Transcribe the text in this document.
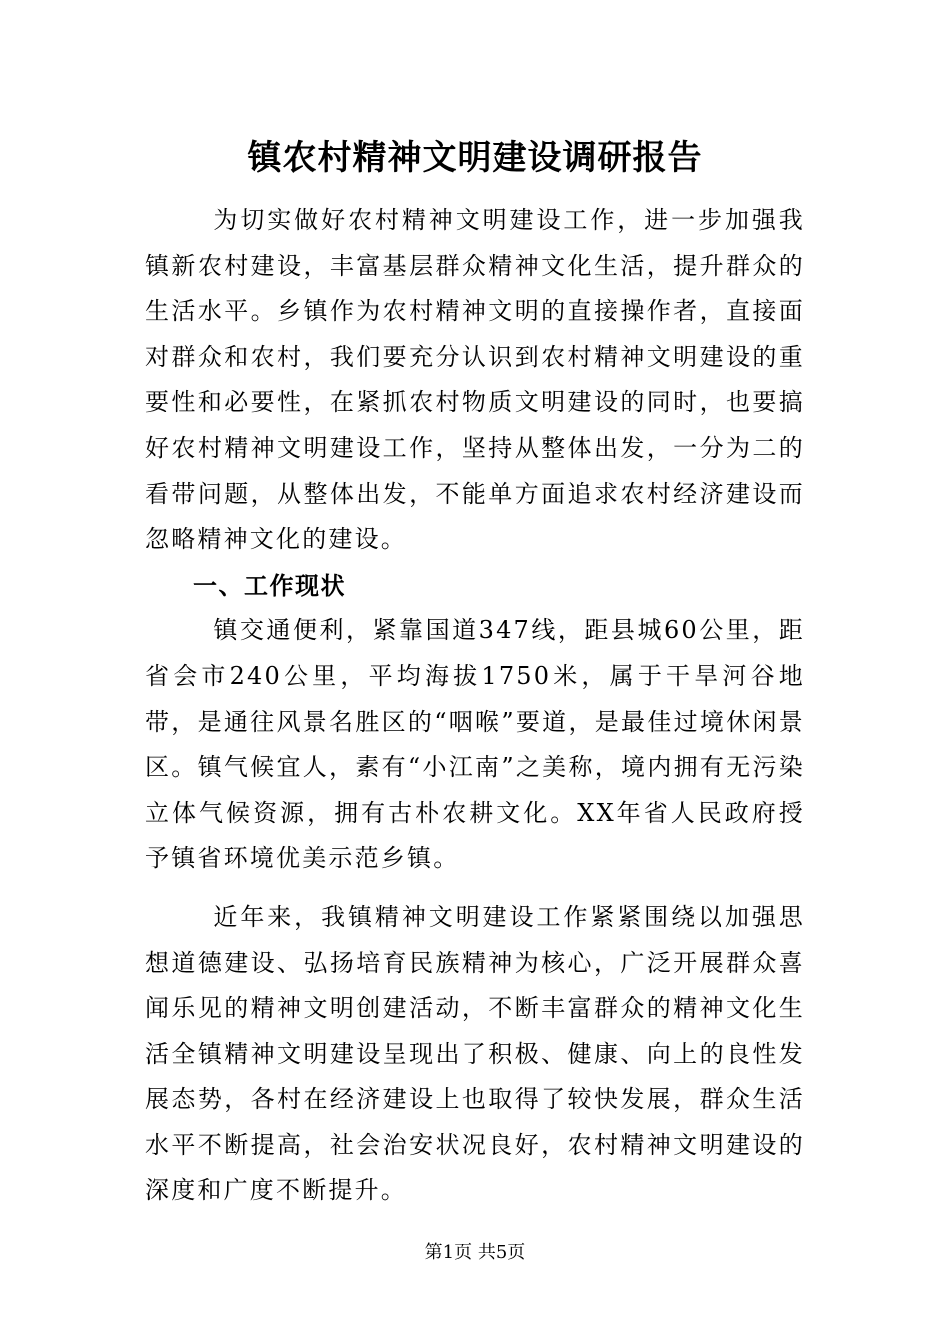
镇农村精神文明建设调研报告

为切实做好农村精神文明建设工作，进一步加强我镇新农村建设，丰富基层群众精神文化生活，提升群众的生活水平。乡镇作为农村精神文明的直接操作者，直接面对群众和农村，我们要充分认识到农村精神文明建设的重要性和必要性，在紧抓农村物质文明建设的同时，也要搞好农村精神文明建设工作，坚持从整体出发，一分为二的看带问题，从整体出发，不能单方面追求农村经济建设而忽略精神文化的建设。

一、工作现状

镇交通便利，紧靠国道347线，距县城60公里，距省会市240公里，平均海拔1750米，属于干旱河谷地带，是通往风景名胜区的“咽喉”要道，是最佳过境休闲景区。镇气候宜人，素有“小江南”之美称，境内拥有无污染立体气候资源，拥有古朴农耕文化。XX年省人民政府授予镇省环境优美示范乡镇。

近年来，我镇精神文明建设工作紧紧围绕以加强思想道德建设、弘扬培育民族精神为核心，广泛开展群众喜闻乐见的精神文明创建活动，不断丰富群众的精神文化生活全镇精神文明建设呈现出了积极、健康、向上的良性发展态势，各村在经济建设上也取得了较快发展，群众生活水平不断提高，社会治安状况良好，农村精神文明建设的深度和广度不断提升。

第1页 共5页
